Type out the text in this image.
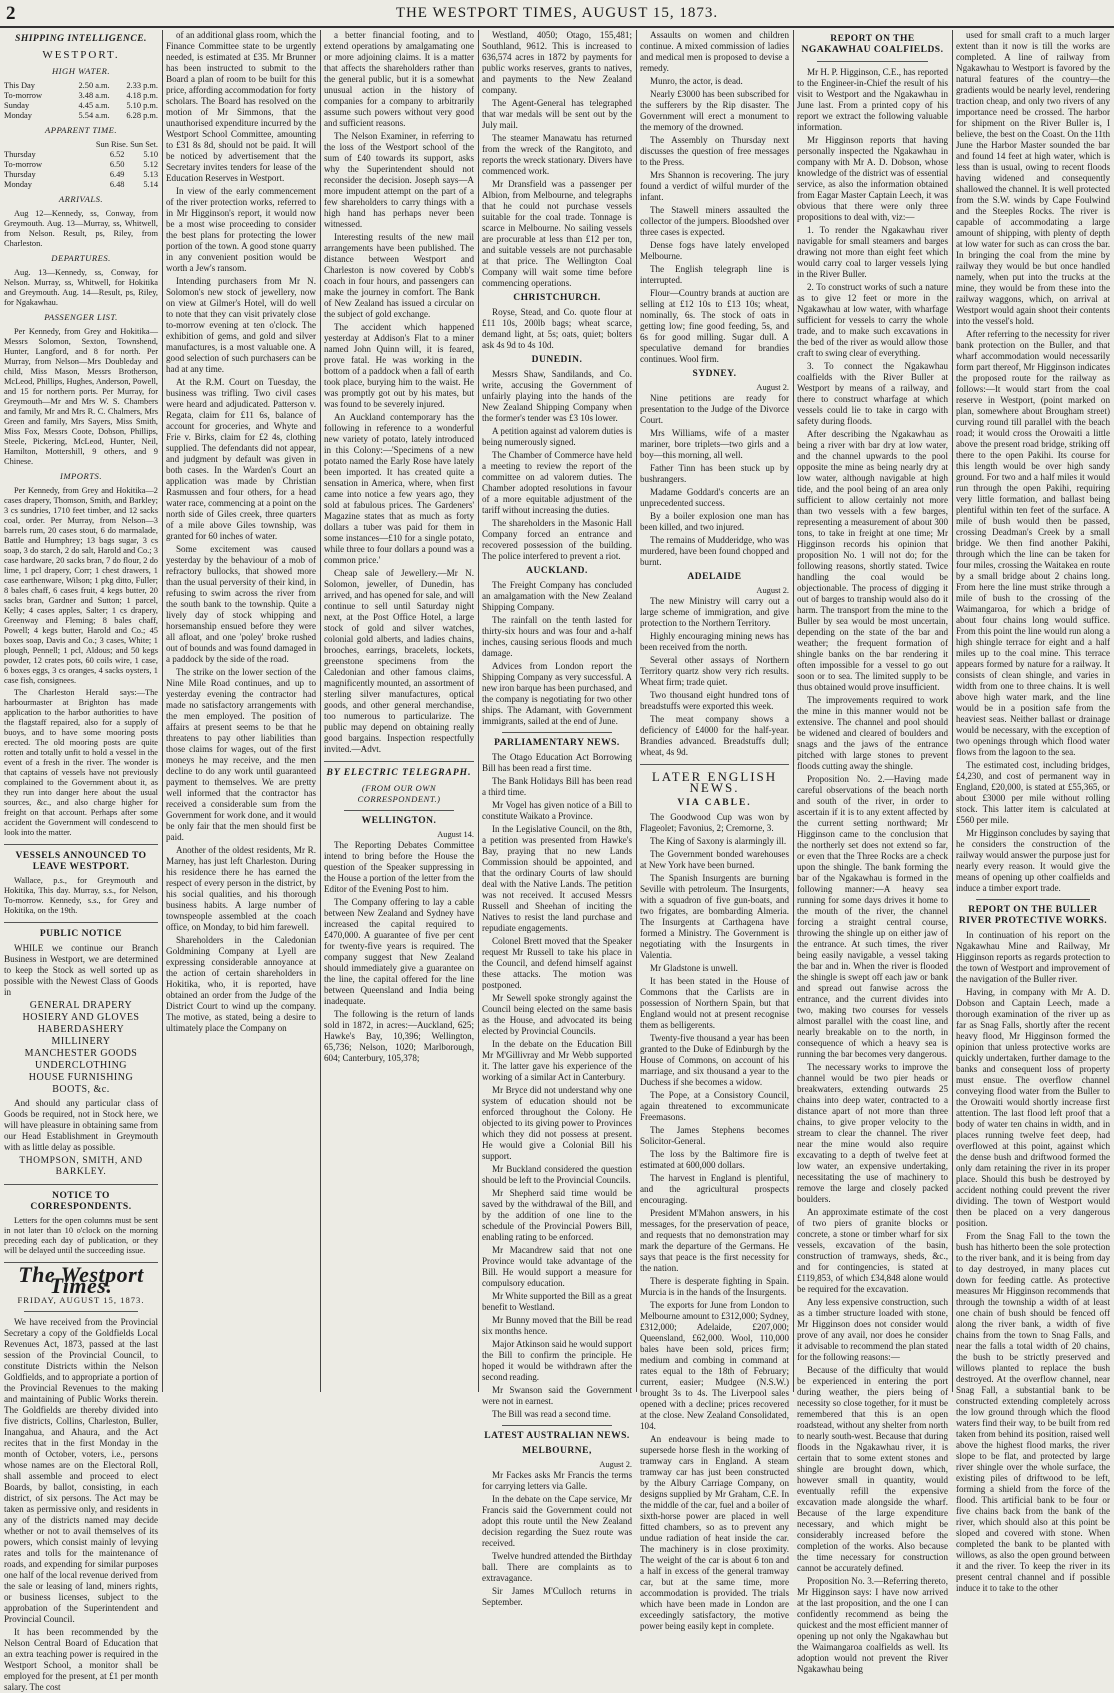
2	THE WESTPORT TIMES, AUGUST 15, 1873.
SHIPPING INTELLIGENCE.
WESTPORT.
HIGH WATER.
This Day	2.50 a.m.	2.33 p.m.
To-morrow	3.48 a.m.	4.18 p.m.
Sunday	4.45 a.m.	5.10 p.m.
Monday	5.54 a.m.	6.28 p.m.
APPARENT TIME.
Sun Rise. Sun Set.
Thursday	6.52	5.10
To-morrow	6.50	5.12
Thursday	6.49	5.13
Monday	6.48	5.14
ARRIVALS.

Aug 12—Kennedy, ss, Conway, from Greymouth. Aug. 13—Murray, ss, Whitwell, from Nelson. Result, ps, Riley, from Charleston.

DEPARTURES.

Aug. 13—Kennedy, ss, Conway, for Nelson. Murray, ss, Whitwell, for Hokitika and Greymouth. Aug. 14—Result, ps, Riley, for Ngakawhau.

PASSENGER LIST.

Per Kennedy, from Grey and Hokitika—Messrs Solomon, Sexton, Townshend, Hunter, Langford, and 8 for north. Per Murray, from Nelson—Mrs Doubleday and child, Miss Mason, Messrs Brotherson, McLeod, Phillips, Hughes, Anderson, Powell, and 15 for northern ports. Per Murray, for Greymouth—Mr and Mrs W. S. Chambers and family, Mr and Mrs R. C. Chalmers, Mrs Green and family, Mrs Sayers, Miss Smith, Miss Fox, Messrs Coote, Dobson, Phillips, Steele, Pickering, McLeod, Hunter, Neil, Hamilton, Mottershill, 9 others, and 9 Chinese.

IMPORTS.

Per Kennedy, from Grey and Hokitika—2 cases drapery, Thomson, Smith, and Barkley; 3 cs sundries, 1710 feet timber, and 12 sacks coal, order. Per Murray, from Nelson—3 barrels rum, 20 cases stout, 6 do marmalade, Battle and Humphrey; 13 bags sugar, 3 cs soap, 3 do starch, 2 do salt, Harold and Co.; 3 case hardware, 20 sacks bran, 7 do flour, 2 do lime, 1 pcl drapery, Corr; 1 chest drawers, 1 case earthenware, Wilson; 1 pkg ditto, Fuller; 8 bales chaff, 6 cases fruit, 4 kegs butter, 20 sacks bran, Gardner and Sutton; 1 parcel, Kelly; 4 cases apples, Salter; 1 cs drapery, Greenway and Fleming; 8 bales chaff, Powell; 4 kegs butter, Harold and Co.; 45 boxes soap, Davis and Co.; 3 cases, White; 1 plough, Pennell; 1 pcl, Aldous; and 50 kegs powder, 12 crates pots, 60 coils wire, 1 case, 6 boxes eggs, 3 cs oranges, 4 sacks oysters, 1 case fish, consignees.

The Charleston Herald says:—The harbourmaster at Brighton has made application to the harbor authorities to have the flagstaff repaired, also for a supply of buoys, and to have some mooring posts erected. The old mooring posts are quite rotten and totally unfit to hold a vessel in the event of a fresh in the river. The wonder is that captains of vessels have not previously complained to the Government about it, as they run into danger here about the usual sources, &c., and also charge higher for freight on that account. Perhaps after some accident the Government will condescend to look into the matter.

VESSELS ANNOUNCED TO LEAVE WESTPORT.

Wallace, p.s., for Greymouth and Hokitika, This day. Murray, s.s., for Nelson, To-morrow. Kennedy, s.s., for Grey and Hokitika, on the 19th.

PUBLIC NOTICE

WHILE we continue our Branch Business in Westport, we are determined to keep the Stock as well sorted up as possible with the Newest Class of Goods in

GENERAL DRAPERY
HOSIERY AND GLOVES
HABERDASHERY
MILLINERY
MANCHESTER GOODS
UNDERCLOTHING
HOUSE FURNISHING
BOOTS, &c.

And should any particular class of Goods be required, not in Stock here, we will have pleasure in obtaining same from our Head Establishment in Greymouth with as little delay as possible.

THOMPSON, SMITH, AND BARKLEY.
NOTICE TO CORRESPONDENTS.

Letters for the open columns must be sent in not later than 10 o'clock on the morning preceding each day of publication, or they will be delayed until the succeeding issue.

The Westport Times.
FRIDAY, AUGUST 15, 1873.

We have received from the Provincial Secretary a copy of the Goldfields Local Revenues Act, 1873, passed at the last session of the Provincial Council, to constitute Districts within the Nelson Goldfields, and to appropriate a portion of the Provincial Revenues to the making and maintaining of Public Works therein. The Goldfields are thereby divided into five districts, Collins, Charleston, Buller, Inangahua, and Ahaura, and the Act recites that in the first Monday in the month of October, voters, i.e., persons whose names are on the Electoral Roll, shall assemble and proceed to elect Boards, by ballot, consisting, in each district, of six persons. The Act may be taken as permissive only, and residents in any of the districts named may decide whether or not to avail themselves of its powers, which consist mainly of levying rates and tolls for the maintenance of roads, and expending for similar purposes one half of the local revenue derived from the sale or leasing of land, miners rights, or business licenses, subject to the approbation of the Superintendent and Provincial Council.

It has been recommended by the Nelson Central Board of Education that an extra teaching power is required in the Westport School, a monitor shall be employed for the present, at £1 per month salary. The cost

of an additional glass room, which the Finance Committee state to be urgently needed, is estimated at £35. Mr Brunner has been instructed to submit to the Board a plan of room to be built for this price, affording accommodation for forty scholars. The Board has resolved on the motion of Mr Simmons, that the unauthorised expenditure incurred by the Westport School Committee, amounting to £31 8s 8d, should not be paid. It will be noticed by advertisement that the Secretary invites tenders for lease of the Education Reserves in Westport.

In view of the early commencement of the river protection works, referred to in Mr Higginson's report, it would now be a most wise proceeding to consider the best plans for protecting the lower portion of the town. A good stone quarry in any convenient position would be worth a Jew's ransom.

Intending purchasers from Mr N. Solomon's new stock of jewellery, now on view at Gilmer's Hotel, will do well to note that they can visit privately close to-morrow evening at ten o'clock. The exhibition of gems, and gold and silver manufactures, is a most valuable one. A good selection of such purchasers can be had at any time.

At the R.M. Court on Tuesday, the business was trifling. Two civil cases were heard and adjudicated. Patterson v. Regata, claim for £11 6s, balance of account for groceries, and Whyte and Frie v. Birks, claim for £2 4s, clothing supplied. The defendants did not appear, and judgment by default was given in both cases. In the Warden's Court an application was made by Christian Rasmussen and four others, for a head water race, commencing at a point on the north side of Giles creek, three quarters of a mile above Giles township, was granted for 60 inches of water.

Some excitement was caused yesterday by the behaviour of a mob of refractory bullocks, that showed more than the usual perversity of their kind, in refusing to swim across the river from the south bank to the township. Quite a lively day of stock whipping and horsemanship ensued before they were all afloat, and one 'poley' broke rushed out of bounds and was found damaged in a paddock by the side of the road.

The strike on the lower section of the Nine Mile Road continues, and up to yesterday evening the contractor had made no satisfactory arrangements with the men employed. The position of affairs at present seems to be that he threatens to pay other liabilities than those claims for wages, out of the first moneys he may receive, and the men decline to do any work until guaranteed payment to themselves. We are pretty well informed that the contractor has received a considerable sum from the Government for work done, and it would be only fair that the men should first be paid.

Another of the oldest residents, Mr R. Marney, has just left Charleston. During his residence there he has earned the respect of every person in the district, by his social qualities, and his thorough business habits. A large number of townspeople assembled at the coach office, on Monday, to bid him farewell.

Shareholders in the Caledonian Goldmining Company at Lyell are expressing considerable annoyance at the action of certain shareholders in Hokitika, who, it is reported, have obtained an order from the Judge of the District Court to wind up the company. The motive, as stated, being a desire to ultimately place the Company on

a better financial footing, and to extend operations by amalgamating one or more adjoining claims. It is a matter that affects the shareholders rather than the general public, but it is a somewhat unusual action in the history of companies for a company to arbitrarily assume such powers without very good and sufficient reasons.

The Nelson Examiner, in referring to the loss of the Westport school of the sum of £40 towards its support, asks why the Superintendent should not reconsider the decision. Joseph says—A more impudent attempt on the part of a few shareholders to carry things with a high hand has perhaps never been witnessed.

Interesting results of the new mail arrangements have been published. The distance between Westport and Charleston is now covered by Cobb's coach in four hours, and passengers can make the journey in comfort. The Bank of New Zealand has issued a circular on the subject of gold exchange.

The accident which happened yesterday at Addison's Flat to a miner named John Quinn will, it is feared, prove fatal. He was working in the bottom of a paddock when a fall of earth took place, burying him to the waist. He was promptly got out by his mates, but was found to be severely injured.

An Auckland contemporary has the following in reference to a wonderful new variety of potato, lately introduced in this Colony:—'Specimens of a new potato named the Early Rose have lately been imported. It has created quite a sensation in America, where, when first came into notice a few years ago, they sold at fabulous prices. The Gardeners' Magazine states that as much as forty dollars a tuber was paid for them in some instances—£10 for a single potato, while three to four dollars a pound was a common price.'

Cheap sale of Jewellery.—Mr N. Solomon, jeweller, of Dunedin, has arrived, and has opened for sale, and will continue to sell until Saturday night next, at the Post Office Hotel, a large stock of gold and silver watches, colonial gold alberts, and ladies chains, brooches, earrings, bracelets, lockets, greenstone specimens from the Caledonian and other famous claims, magnificently mounted, an assortment of sterling silver manufactures, optical goods, and other general merchandise, too numerous to particularize. The public may depend on obtaining really good bargains. Inspection respectfully invited.—Advt.

BY ELECTRIC TELEGRAPH.
(FROM OUR OWN CORRESPONDENT.)
WELLINGTON.
August 14.

The Reporting Debates Committee intend to bring before the House the question of the Speaker suppressing in the House a portion of the letter from the Editor of the Evening Post to him.

The Company offering to lay a cable between New Zealand and Sydney have increased the capital required to £470,000. A guarantee of five per cent for twenty-five years is required. The company suggest that New Zealand should immediately give a guarantee on the line, the capital offered for the line between Queensland and India being inadequate.

The following is the return of lands sold in 1872, in acres:—Auckland, 625; Hawke's Bay, 10,396; Wellington, 65,736; Nelson, 1020; Marlborough, 604; Canterbury, 105,378;

Westland, 4050; Otago, 155,481; Southland, 9612. This is increased to 636,574 acres in 1872 by payments for public works reserves, grants to natives, and payments to the New Zealand company.

The Agent-General has telegraphed that war medals will be sent out by the July mail.

The steamer Manawatu has returned from the wreck of the Rangitoto, and reports the wreck stationary. Divers have commenced work.

Mr Dransfield was a passenger per Albion, from Melbourne, and telegraphs that he could not purchase vessels suitable for the coal trade. Tonnage is scarce in Melbourne. No sailing vessels are procurable at less than £12 per ton, and suitable vessels are not purchasable at that price. The Wellington Coal Company will wait some time before commencing operations.

CHRISTCHURCH.

Royse, Stead, and Co. quote flour at £11 10s, 200lb bags; wheat scarce, demand light, at 5s; oats, quiet; bolters ask 4s 9d to 4s 10d.

DUNEDIN.

Messrs Shaw, Sandilands, and Co. write, accusing the Government of unfairly playing into the hands of the New Zealand Shipping Company when the former's tender was £3 10s lower.

A petition against ad valorem duties is being numerously signed.

The Chamber of Commerce have held a meeting to review the report of the committee on ad valorem duties. The Chamber adopted resolutions in favour of a more equitable adjustment of the tariff without increasing the duties.

The shareholders in the Masonic Hall Company forced an entrance and recovered possession of the building. The police interfered to prevent a riot.

AUCKLAND.

The Freight Company has concluded an amalgamation with the New Zealand Shipping Company.

The rainfall on the tenth lasted for thirty-six hours and was four and a-half inches, causing serious floods and much damage.

Advices from London report the Shipping Company as very successful. A new iron barque has been purchased, and the company is negotiating for two other ships. The Adamant, with Government immigrants, sailed at the end of June.

PARLIAMENTARY NEWS.

The Otago Education Act Borrowing Bill has been read a first time.

The Bank Holidays Bill has been read a third time.

Mr Vogel has given notice of a Bill to constitute Waikato a Province.

In the Legislative Council, on the 8th, a petition was presented from Hawke's Bay, praying that no new Lands Commission should be appointed, and that the ordinary Courts of law should deal with the Native Lands. The petition was not received. It accused Messrs Russell and Sheehan of inciting the Natives to resist the land purchase and repudiate engagements.

Colonel Brett moved that the Speaker request Mr Russell to take his place in the Council, and defend himself against these attacks. The motion was postponed.

Mr Sewell spoke strongly against the Council being elected on the same basis as the House, and advocated its being elected by Provincial Councils.

In the debate on the Education Bill Mr M'Gillivray and Mr Webb supported it. The latter gave his experience of the working of a similar Act in Canterbury.

Mr Bryce did not understand why one system of education should not be enforced throughout the Colony. He objected to its giving power to Provinces which they did not possess at present. He would give a Colonial Bill his support.

Mr Buckland considered the question should be left to the Provincial Councils.

Mr Shepherd said time would be saved by the withdrawal of the Bill, and by the addition of one line to the schedule of the Provincial Powers Bill, enabling rating to be enforced.

Mr Macandrew said that not one Province would take advantage of the Bill. He would support a measure for compulsory education.

Mr White supported the Bill as a great benefit to Westland.

Mr Bunny moved that the Bill be read six months hence.

Major Atkinson said he would support the Bill to confirm the principle. He hoped it would be withdrawn after the second reading.

Mr Swanson said the Government were not in earnest.

The Bill was read a second time.

LATEST AUSTRALIAN NEWS.
MELBOURNE,
August 2.

Mr Fackes asks Mr Francis the terms for carrying letters via Galle.

In the debate on the Cape service, Mr Francis said the Government could not adopt this route until the New Zealand decision regarding the Suez route was received.

Twelve hundred attended the Birthday ball. There are complaints as to extravagance.

Sir James M'Culloch returns in September.

Assaults on women and children continue. A mixed commission of ladies and medical men is proposed to devise a remedy.

Munro, the actor, is dead.

Nearly £3000 has been subscribed for the sufferers by the Rip disaster. The Government will erect a monument to the memory of the drowned.

The Assembly on Thursday next discusses the question of free messages to the Press.

Mrs Shannon is recovering. The jury found a verdict of wilful murder of the infant.

The Stawell miners assaulted the collector of the jumpers. Bloodshed over three cases is expected.

Dense fogs have lately enveloped Melbourne.

The English telegraph line is interrupted.

Flour—Country brands at auction are selling at £12 10s to £13 10s; wheat, nominally, 6s. The stock of oats in getting low; fine good feeding, 5s, and 6s for good milling. Sugar dull. A speculative demand for brandies continues. Wool firm.

SYDNEY.
August 2.

Nine petitions are ready for presentation to the Judge of the Divorce Court.

Mrs Williams, wife of a master mariner, bore triplets—two girls and a boy—this morning, all well.

Father Tinn has been stuck up by bushrangers.

Madame Goddard's concerts are an unprecedented success.

By a boiler explosion one man has been killed, and two injured.

The remains of Mudderidge, who was murdered, have been found chopped and burnt.

ADELAIDE
August 2.

The new Ministry will carry out a large scheme of immigration, and give protection to the Northern Territory.

Highly encouraging mining news has been received from the north.

Several other assays of Northern Territory quartz show very rich results. Wheat firm; trade quiet.

Two thousand eight hundred tons of breadstuffs were exported this week.

The meat company shows a deficiency of £4000 for the half-year. Brandies advanced. Breadstuffs dull; wheat, 4s 9d.

LATER ENGLISH NEWS.
VIA CABLE.

The Goodwood Cup was won by Flageolet; Favonius, 2; Cremorne, 3.

The King of Saxony is alarmingly ill.

The Government bonded warehouses at New York have been burned.

The Spanish Insurgents are burning Seville with petroleum. The Insurgents, with a squadron of five gun-boats, and two frigates, are bombarding Almeria. The Insurgents at Carthagena have formed a Ministry. The Government is negotiating with the Insurgents in Valentia.

Mr Gladstone is unwell.

It has been stated in the House of Commons that the Carlists are in possession of Northern Spain, but that England would not at present recognise them as belligerents.

Twenty-five thousand a year has been granted to the Duke of Edinburgh by the House of Commons, on account of his marriage, and six thousand a year to the Duchess if she becomes a widow.

The Pope, at a Consistory Council, again threatened to excommunicate Freemasons.

The James Stephens becomes Solicitor-General.

The loss by the Baltimore fire is estimated at 600,000 dollars.

The harvest in England is plentiful, and the agricultural prospects encouraging.

President M'Mahon answers, in his messages, for the preservation of peace, and requests that no demonstration may mark the departure of the Germans. He says that peace is the first necessity for the nation.

There is desperate fighting in Spain. Murcia is in the hands of the Insurgents.

The exports for June from London to Melbourne amount to £312,000; Sydney, £312,000; Adelaide, £207,000; Queensland, £62,000. Wool, 110,000 bales have been sold, prices firm; medium and combing in command at rates equal to the 18th of February; current, easier; Mudgee (N.S.W.) brought 3s to 4s. The Liverpool sales opened with a decline; prices recovered at the close. New Zealand Consolidated, 104.

An endeavour is being made to supersede horse flesh in the working of tramway cars in England. A steam tramway car has just been constructed by the Albury Carriage Company, on designs supplied by Mr Graham, C.E. In the middle of the car, fuel and a boiler of sixth-horse power are placed in well fitted chambers, so as to prevent any undue radiation of heat inside the car. The machinery is in close proximity. The weight of the car is about 6 ton and a half in excess of the general tramway car, but at the same time, more accommodation is provided. The trials which have been made in London are exceedingly satisfactory, the motive power being easily kept in complete.

REPORT ON THE NGAKAWHAU COALFIELDS.

Mr H. P. Higginson, C.E., has reported to the Engineer-in-Chief the result of his visit to Westport and the Ngakawhau in June last. From a printed copy of his report we extract the following valuable information.

Mr Higginson reports that having personally inspected the Ngakawhau in company with Mr A. D. Dobson, whose knowledge of the district was of essential service, as also the information obtained from Eagar Master Captain Leech, it was obvious that there were only three propositions to deal with, viz:—

1. To render the Ngakawhau river navigable for small steamers and barges drawing not more than eight feet which would carry coal to larger vessels lying in the River Buller.

2. To construct works of such a nature as to give 12 feet or more in the Ngakawhau at low water, with wharfage sufficient for vessels to carry the whole trade, and to make such excavations in the bed of the river as would allow those craft to swing clear of everything.

3. To connect the Ngakawhau coalfields with the River Buller at Westport by means of a railway, and there to construct wharfage at which vessels could lie to take in cargo with safety during floods.

After describing the Ngakawhau as being a river with bar dry at low water, and the channel upwards to the pool opposite the mine as being nearly dry at low water, although navigable at high tide, and the pool being of an area only sufficient to allow certainly not more than two vessels with a few barges, representing a measurement of about 300 tons, to take in freight at one time; Mr Higginson records his opinion that proposition No. 1 will not do; for the following reasons, shortly stated. Twice handling the coal would be objectionable. The process of digging it out of barges to tranship would also do it harm. The transport from the mine to the Buller by sea would be most uncertain, depending on the state of the bar and weather; the frequent formation of shingle banks on the bar rendering it often impossible for a vessel to go out soon or to sea. The limited supply to be thus obtained would prove insufficient.

The improvements required to work the mine in this manner would not be extensive. The channel and pool should be widened and cleared of boulders and snags and the jaws of the entrance pitched with large stones to prevent floods cutting away the shingle.

Proposition No. 2.—Having made careful observations of the beach north and south of the river, in order to ascertain if it is to any extent affected by the current setting northward; Mr Higginson came to the conclusion that the northerly set does not extend so far, or even that the Three Rocks are a check upon the shingle. The bank forming the bar of the Ngakawhau is formed in the following manner:—A heavy sea running for some days drives it home to the mouth of the river, the channel forcing a straight central course, throwing the shingle up on either jaw of the entrance. At such times, the river being easily navigable, a vessel taking the bar and in. When the river is flooded the shingle is swept off each jaw or bank and spread out fanwise across the entrance, and the current divides into two, making two courses for vessels almost parallel with the coast line, and nearly breakable on to the north, in consequence of which a heavy sea is running the bar becomes very dangerous.

The necessary works to improve the channel would be two pier heads or breakwaters, extending outwards 25 chains into deep water, contracted to a distance apart of not more than three chains, to give proper velocity to the stream to clear the channel. The river near the mine would also require excavating to a depth of twelve feet at low water, an expensive undertaking, necessitating the use of machinery to remove the large and closely packed boulders.

An approximate estimate of the cost of two piers of granite blocks or concrete, a stone or timber wharf for six vessels, excavation of the basin, construction of tramways, sheds, &c., and for contingencies, is stated at £119,853, of which £34,848 alone would be required for the excavation.

Any less expensive construction, such as a timber structure loaded with stone, Mr Higginson does not consider would prove of any avail, nor does he consider it advisable to recommend the plan stated for the following reasons:—

Because of the difficulty that would be experienced in entering the port during weather, the piers being of necessity so close together, for it must be remembered that this is an open roadstead, without any shelter from north to nearly south-west. Because that during floods in the Ngakawhau river, it is certain that to some extent stones and shingle are brought down, which, however small in quantity, would eventually refill the expensive excavation made alongside the wharf. Because of the large expenditure necessary, and which might be considerably increased before the completion of the works. Also because the time necessary for construction cannot be accurately defined.

Proposition No. 3.—Referring thereto, Mr Higginson says: I have now arrived at the last proposition, and the one I can confidently recommend as being the quickest and the most efficient manner of opening up not only the Ngakawhau but the Waimangaroa coalfields as well. Its adoption would not prevent the River Ngakawhau being

used for small craft to a much larger extent than it now is till the works are completed. A line of railway from Ngakawhau to Westport is favored by the natural features of the country—the gradients would be nearly level, rendering traction cheap, and only two rivers of any importance need be crossed. The harbor for shipment on the River Buller is, I believe, the best on the Coast. On the 11th June the Harbor Master sounded the bar and found 14 feet at high water, which is less than is usual, owing to recent floods having widened and consequently shallowed the channel. It is well protected from the S.W. winds by Cape Foulwind and the Steeples Rocks. The river is capable of accommodating a large amount of shipping, with plenty of depth at low water for such as can cross the bar. In bringing the coal from the mine by railway they would be but once handled namely, when put into the trucks at the mine, they would be from these into the railway waggons, which, on arrival at Westport would again shoot their contents into the vessel's hold.

After referring to the necessity for river bank protection on the Buller, and that wharf accommodation would necessarily form part thereof, Mr Higginson indicates the proposed route for the railway as follows:—It would start from the coal reserve in Westport, (point marked on plan, somewhere about Brougham street) curving round till parallel with the beach road; it would cross the Orowaiti a little above the present road bridge, striking off there to the open Pakihi. Its course for this length would be over high sandy ground. For two and a half miles it would run through the open Pakihi, requiring very little formation, and ballast being plentiful within ten feet of the surface. A mile of bush would then be passed, crossing Deadman's Creek by a small bridge. We then find another Pakihi, through which the line can be taken for four miles, crossing the Waitakea en route by a small bridge about 2 chains long. From here the line must strike through a mile of bush to the crossing of the Waimangaroa, for which a bridge of about four chains long would suffice. From this point the line would run along a high shingle terrace for eight and a half miles up to the coal mine. This terrace appears formed by nature for a railway. It consists of clean shingle, and varies in width from one to three chains. It is well above high water mark, and the line would be in a position safe from the heaviest seas. Neither ballast or drainage would be necessary, with the exception of two openings through which flood water flows from the lagoon to the sea.

The estimated cost, including bridges, £4,230, and cost of permanent way in England, £20,000, is stated at £55,365, or about £3000 per mile without rolling stock. This latter item is calculated at £560 per mile.

Mr Higginson concludes by saying that he considers the construction of the railway would answer the purpose just for nearly every reason. It would give the means of opening up other coalfields and induce a timber export trade.

REPORT ON THE BULLER RIVER PROTECTIVE WORKS.

In continuation of his report on the Ngakawhau Mine and Railway, Mr Higginson reports as regards protection to the town of Westport and improvement of the navigation of the Buller river.

Having, in company with Mr A. D. Dobson and Captain Leech, made a thorough examination of the river up as far as Snag Falls, shortly after the recent heavy flood, Mr Higginson formed the opinion that unless protective works are quickly undertaken, further damage to the banks and consequent loss of property must ensue. The overflow channel conveying flood water from the Buller to the Orowaiti would shortly increase first attention. The last flood left proof that a body of water ten chains in width, and in places running twelve feet deep, had overflowed at this point, against which the dense bush and driftwood formed the only dam retaining the river in its proper place. Should this bush be destroyed by accident nothing could prevent the river dividing. The town of Westport would then be placed on a very dangerous position.

From the Snag Fall to the town the bush has hitherto been the sole protection to the river bank, and it is being from day to day destroyed, in many places cut down for feeding cattle. As protective measures Mr Higginson recommends that through the township a width of at least one chain of bush should be fenced off along the river bank, a width of five chains from the town to Snag Falls, and near the falls a total width of 20 chains, the bush to be strictly preserved and willows planted to replace the bush destroyed. At the overflow channel, near Snag Fall, a substantial bank to be constructed extending completely across the low ground through which the flood waters find their way, to be built from red taken from behind its position, raised well above the highest flood marks, the river slope to be flat, and protected by large river shingle over the whole surface, the existing piles of driftwood to be left, forming a shield from the force of the flood. This artificial bank to be four or five chains back from the bank of the river, which should also at this point be sloped and covered with stone. When completed the bank to be planted with willows, as also the open ground between it and the river. To keep the river in its present central channel and if possible induce it to take to the other
